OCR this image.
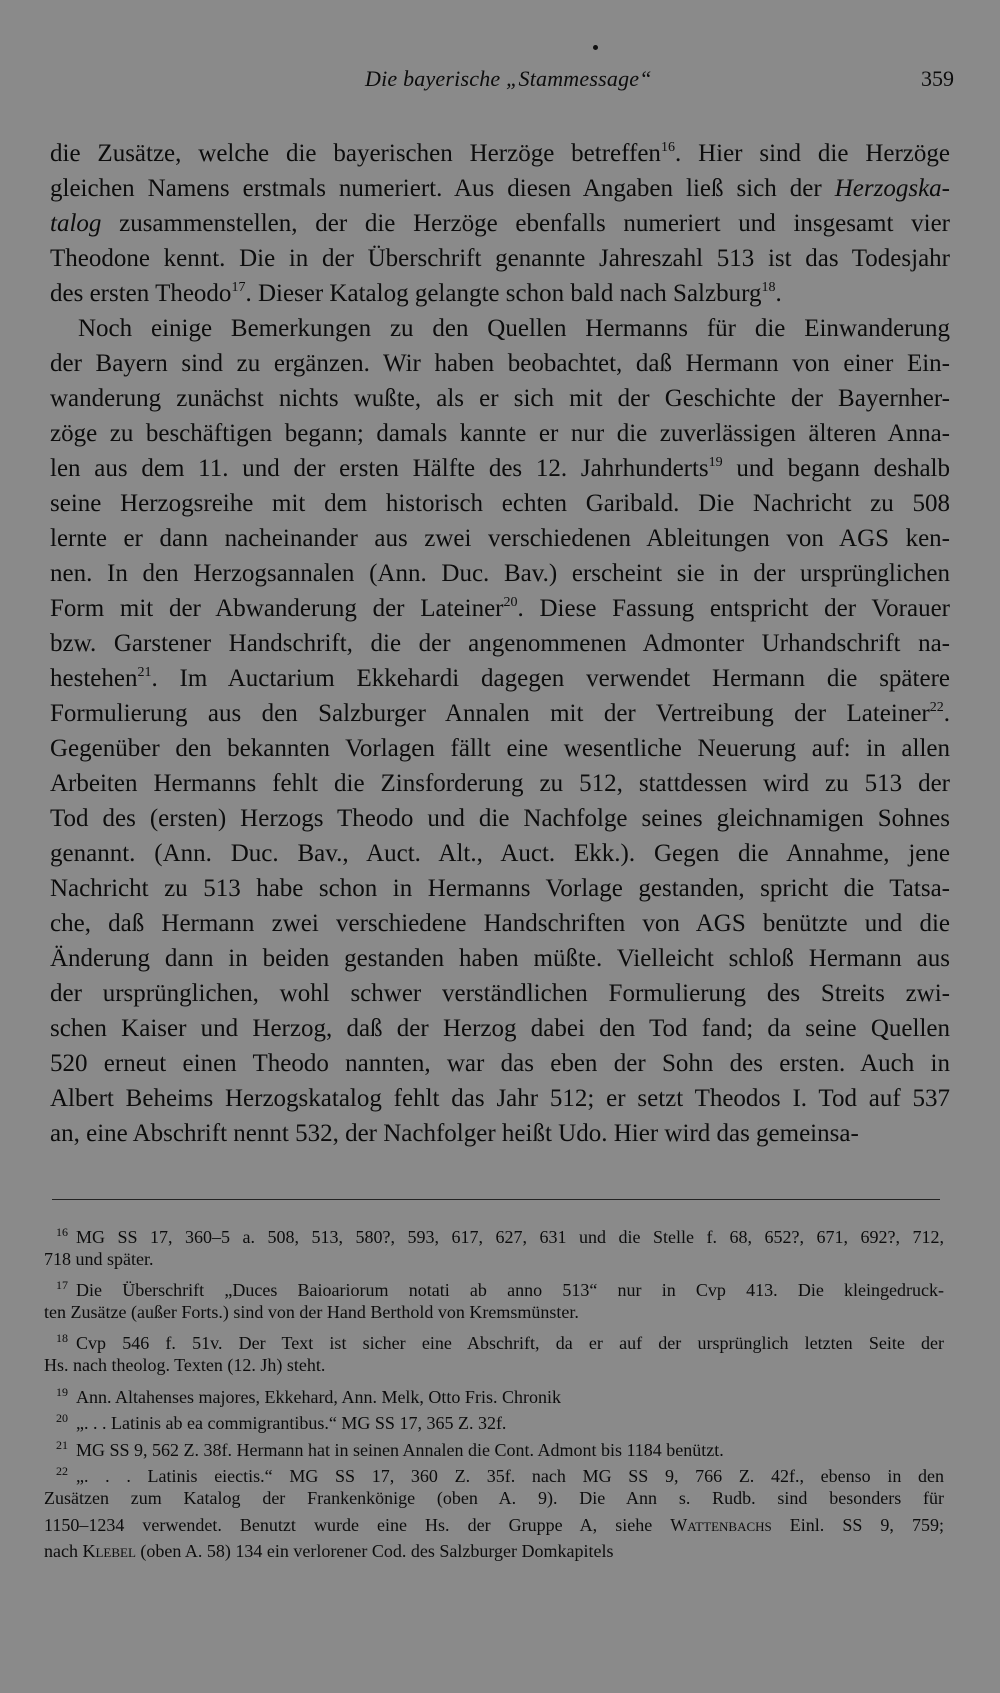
Die bayerische „Stammessage“	359
die Zusätze, welche die bayerischen Herzöge betreffen$^{16}$. Hier sind die Herzöge
gleichen Namens erstmals numeriert. Aus diesen Angaben ließ sich der Herzogska-
talog zusammenstellen, der die Herzöge ebenfalls numeriert und insgesamt vier
Theodone kennt. Die in der Überschrift genannte Jahreszahl 513 ist das Todesjahr
des ersten Theodo$^{17}$. Dieser Katalog gelangte schon bald nach Salzburg$^{18}$.
Noch einige Bemerkungen zu den Quellen Hermanns für die Einwanderung
der Bayern sind zu ergänzen. Wir haben beobachtet, daß Hermann von einer Ein-
wanderung zunächst nichts wußte, als er sich mit der Geschichte der Bayernher-
zöge zu beschäftigen begann; damals kannte er nur die zuverlässigen älteren Anna-
len aus dem 11. und der ersten Hälfte des 12. Jahrhunderts$^{19}$ und begann deshalb
seine Herzogsreihe mit dem historisch echten Garibald. Die Nachricht zu 508
lernte er dann nacheinander aus zwei verschiedenen Ableitungen von AGS ken-
nen. In den Herzogsannalen (Ann. Duc. Bav.) erscheint sie in der ursprünglichen
Form mit der Abwanderung der Lateiner$^{20}$. Diese Fassung entspricht der Vorauer
bzw. Garstener Handschrift, die der angenommenen Admonter Urhandschrift na-
hestehen$^{21}$. Im Auctarium Ekkehardi dagegen verwendet Hermann die spätere
Formulierung aus den Salzburger Annalen mit der Vertreibung der Lateiner$^{22}$.
Gegenüber den bekannten Vorlagen fällt eine wesentliche Neuerung auf: in allen
Arbeiten Hermanns fehlt die Zinsforderung zu 512, stattdessen wird zu 513 der
Tod des (ersten) Herzogs Theodo und die Nachfolge seines gleichnamigen Sohnes
genannt. (Ann. Duc. Bav., Auct. Alt., Auct. Ekk.). Gegen die Annahme, jene
Nachricht zu 513 habe schon in Hermanns Vorlage gestanden, spricht die Tatsa-
che, daß Hermann zwei verschiedene Handschriften von AGS benützte und die
Änderung dann in beiden gestanden haben müßte. Vielleicht schloß Hermann aus
der ursprünglichen, wohl schwer verständlichen Formulierung des Streits zwi-
schen Kaiser und Herzog, daß der Herzog dabei den Tod fand; da seine Quellen
520 erneut einen Theodo nannten, war das eben der Sohn des ersten. Auch in
Albert Beheims Herzogskatalog fehlt das Jahr 512; er setzt Theodos I. Tod auf 537
an, eine Abschrift nennt 532, der Nachfolger heißt Udo. Hier wird das gemeinsa-
$^{16}$ MG SS 17, 360–5 a. 508, 513, 580?, 593, 617, 627, 631 und die Stelle f. 68, 652?, 671, 692?, 712,
718 und später.
$^{17}$ Die Überschrift „Duces Baioariorum notati ab anno 513“ nur in Cvp 413. Die kleingedruck-
ten Zusätze (außer Forts.) sind von der Hand Berthold von Kremsmünster.
$^{18}$ Cvp 546 f. 51v. Der Text ist sicher eine Abschrift, da er auf der ursprünglich letzten Seite der
Hs. nach theolog. Texten (12. Jh) steht.
$^{19}$ Ann. Altahenses majores, Ekkehard, Ann. Melk, Otto Fris. Chronik
$^{20}$ „. . . Latinis ab ea commigrantibus.“ MG SS 17, 365 Z. 32f.
$^{21}$ MG SS 9, 562 Z. 38f. Hermann hat in seinen Annalen die Cont. Admont bis 1184 benützt.
$^{22}$ „. . . Latinis eiectis.“ MG SS 17, 360 Z. 35f. nach MG SS 9, 766 Z. 42f., ebenso in den
Zusätzen zum Katalog der Frankenkönige (oben A. 9). Die Ann s. Rudb. sind besonders für
1150–1234 verwendet. Benutzt wurde eine Hs. der Gruppe A, siehe Wattenbachs Einl. SS 9, 759;
nach Klebel (oben A. 58) 134 ein verlorener Cod. des Salzburger Domkapitels
